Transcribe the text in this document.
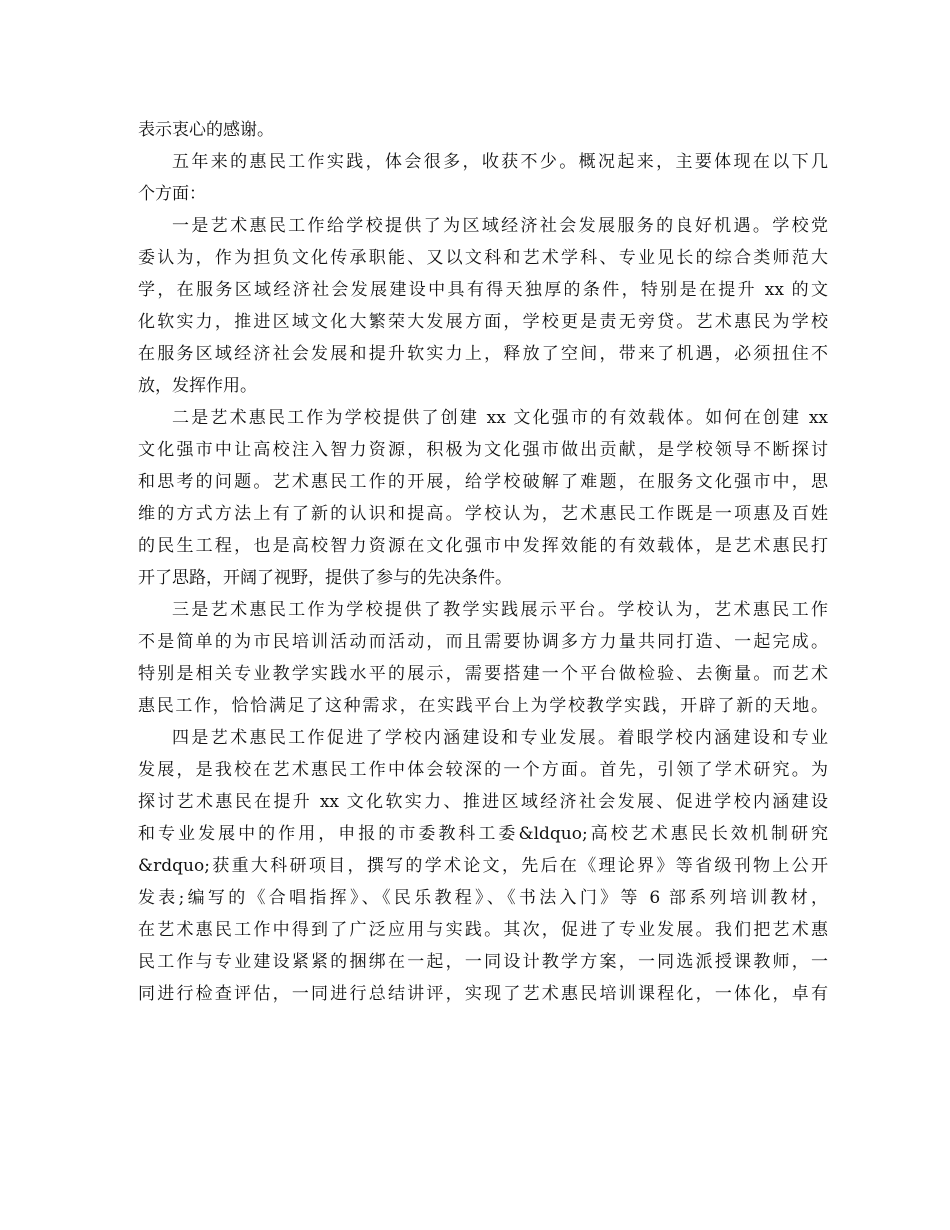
表示衷心的感谢。
五年来的惠民工作实践，体会很多，收获不少。概况起来，主要体现在以下几
个方面：
一是艺术惠民工作给学校提供了为区域经济社会发展服务的良好机遇。学校党
委认为，作为担负文化传承职能、又以文科和艺术学科、专业见长的综合类师范大
学，在服务区域经济社会发展建设中具有得天独厚的条件，特别是在提升 xx 的文
化软实力，推进区域文化大繁荣大发展方面，学校更是责无旁贷。艺术惠民为学校
在服务区域经济社会发展和提升软实力上，释放了空间，带来了机遇，必须扭住不
放，发挥作用。
二是艺术惠民工作为学校提供了创建 xx 文化强市的有效载体。如何在创建 xx
文化强市中让高校注入智力资源，积极为文化强市做出贡献，是学校领导不断探讨
和思考的问题。艺术惠民工作的开展，给学校破解了难题，在服务文化强市中，思
维的方式方法上有了新的认识和提高。学校认为，艺术惠民工作既是一项惠及百姓
的民生工程，也是高校智力资源在文化强市中发挥效能的有效载体，是艺术惠民打
开了思路，开阔了视野，提供了参与的先决条件。
三是艺术惠民工作为学校提供了教学实践展示平台。学校认为，艺术惠民工作
不是简单的为市民培训活动而活动，而且需要协调多方力量共同打造、一起完成。
特别是相关专业教学实践水平的展示，需要搭建一个平台做检验、去衡量。而艺术
惠民工作，恰恰满足了这种需求，在实践平台上为学校教学实践，开辟了新的天地。
四是艺术惠民工作促进了学校内涵建设和专业发展。着眼学校内涵建设和专业
发展，是我校在艺术惠民工作中体会较深的一个方面。首先，引领了学术研究。为
探讨艺术惠民在提升 xx 文化软实力、推进区域经济社会发展、促进学校内涵建设
和专业发展中的作用，申报的市委教科工委&ldquo;高校艺术惠民长效机制研究
&rdquo;获重大科研项目，撰写的学术论文，先后在《理论界》等省级刊物上公开
发表;编写的《合唱指挥》、《民乐教程》、《书法入门》等 6 部系列培训教材，
在艺术惠民工作中得到了广泛应用与实践。其次，促进了专业发展。我们把艺术惠
民工作与专业建设紧紧的捆绑在一起，一同设计教学方案，一同选派授课教师，一
同进行检查评估，一同进行总结讲评，实现了艺术惠民培训课程化，一体化，卓有
